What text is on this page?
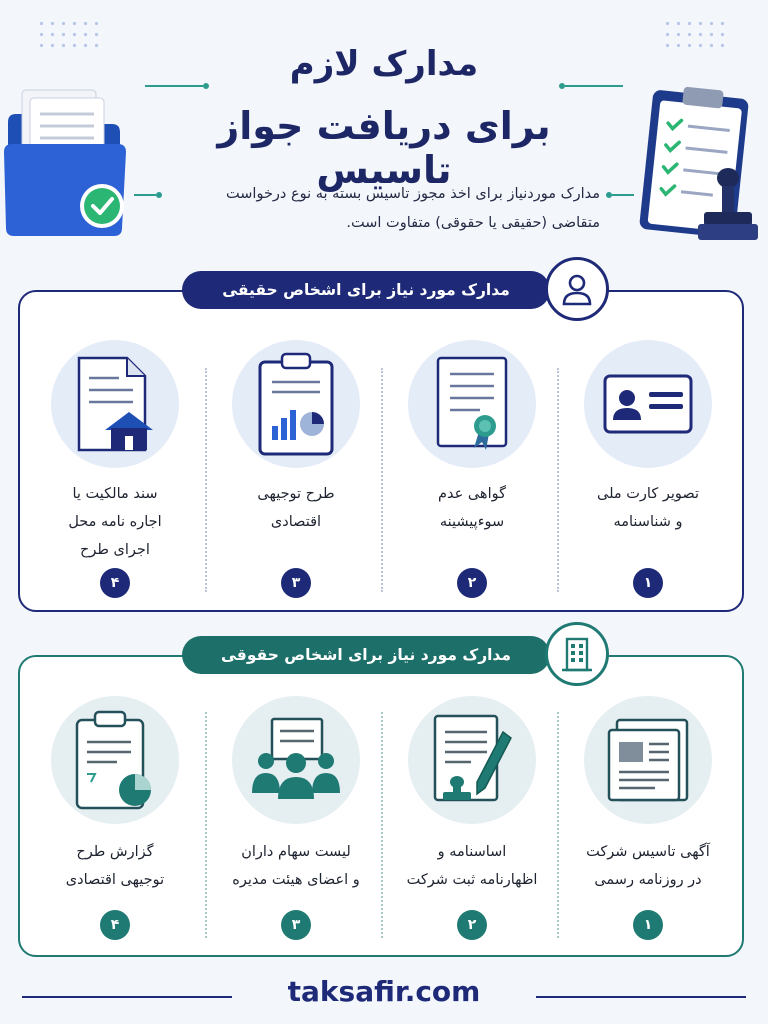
مدارک لازم
برای دریافت جواز تاسیس
مدارک موردنیاز برای اخذ مجوز تاسیس بسته به نوع درخواست
متقاضی (حقیقی یا حقوقی) متفاوت است.
مدارک مورد نیاز برای اشخاص حقیقی
تصویر کارت ملی
و شناسنامه
۱
گواهی عدم
سوءپیشینه
۲
طرح توجیهی
اقتصادی
۳
سند مالکیت یا
اجاره نامه محل
اجرای طرح
۴
مدارک مورد نیاز برای اشخاص حقوقی
آگهی تاسیس شرکت
در روزنامه رسمی
۱
اساسنامه و
اظهارنامه ثبت شرکت
۲
لیست سهام داران
و اعضای هیئت مدیره
۳
گزارش طرح
توجیهی اقتصادی
۴
taksafir.com
